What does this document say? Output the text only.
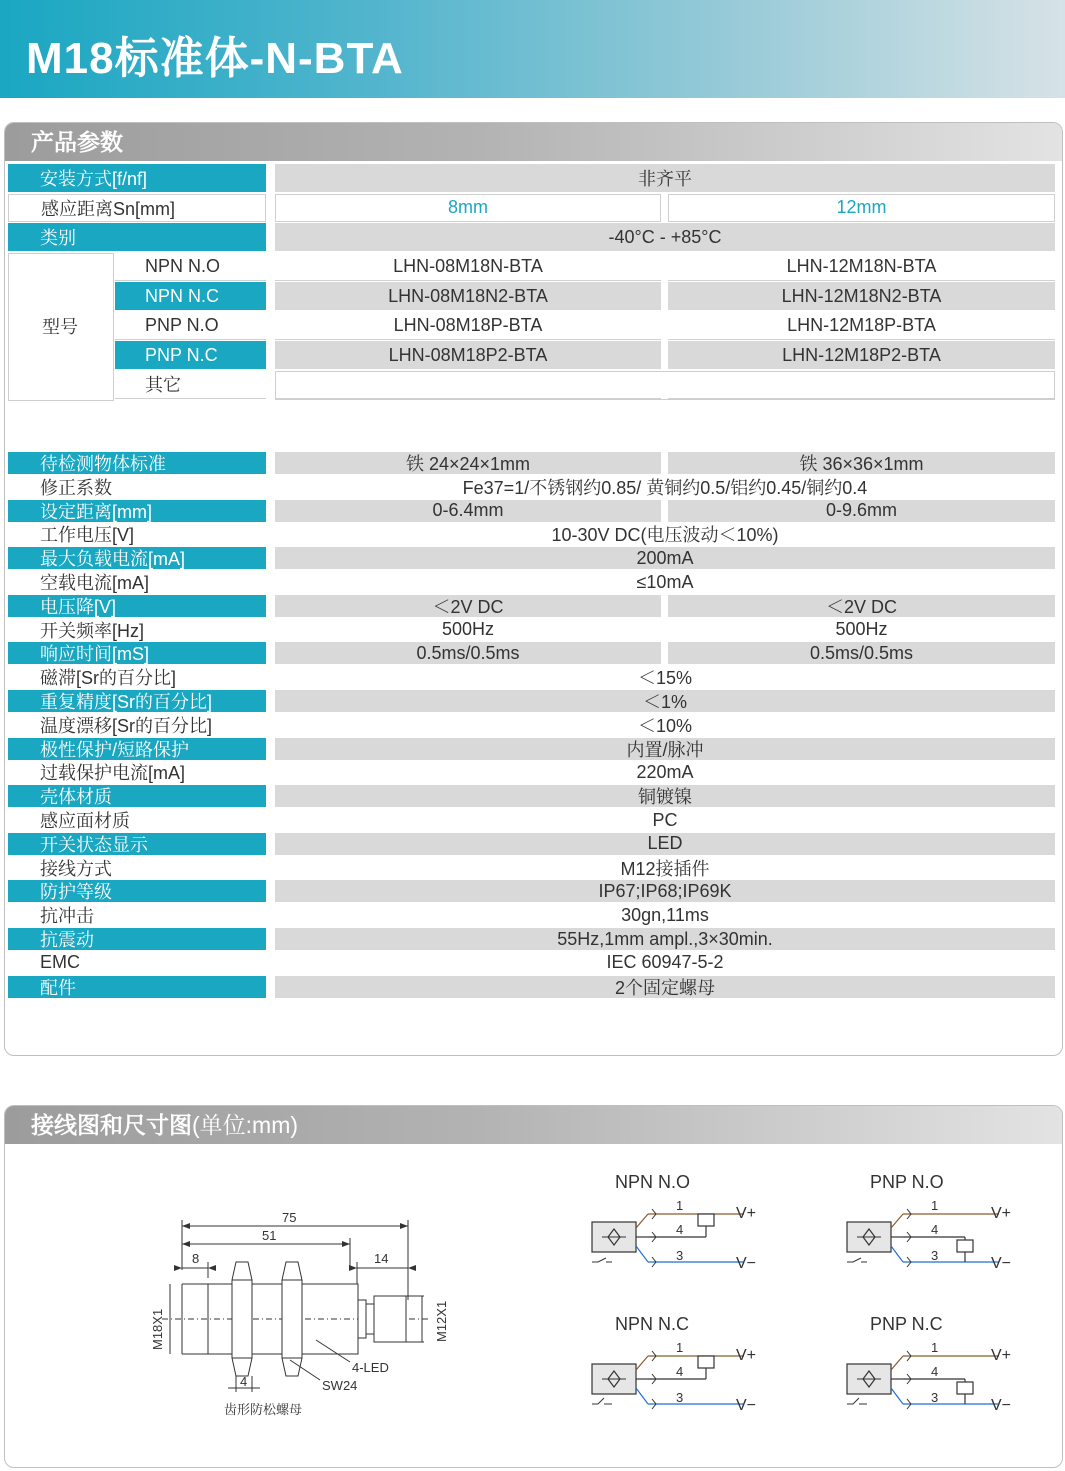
M18标准体-N-BTA
产品参数
安装方式[f/nf]	非齐平
感应距离Sn[mm]	8mm	12mm
类别	-40°C - +85°C
型号
NPN N.O	LHN-08M18N-BTA	LHN-12M18N-BTA
NPN N.C	LHN-08M18N2-BTA	LHN-12M18N2-BTA
PNP N.O	LHN-08M18P-BTA	LHN-12M18P-BTA
PNP N.C	LHN-08M18P2-BTA	LHN-12M18P2-BTA
其它
待检测物体标准	铁 24×24×1mm	铁 36×36×1mm
修正系数	Fe37=1/不锈钢约0.85/ 黄铜约0.5/铝约0.45/铜约0.4
设定距离[mm]	0-6.4mm	0-9.6mm
工作电压[V]	10-30V DC(电压波动＜10%)
最大负载电流[mA]	200mA
空载电流[mA]	≤10mA
电压降[V]	＜2V DC	＜2V DC
开关频率[Hz]	500Hz	500Hz
响应时间[mS]	0.5ms/0.5ms	0.5ms/0.5ms
磁滞[Sr的百分比]	＜15%
重复精度[Sr的百分比]	＜1%
温度漂移[Sr的百分比]	＜10%
极性保护/短路保护	内置/脉冲
过载保护电流[mA]	220mA
壳体材质	铜镀镍
感应面材质	PC
开关状态显示	LED
接线方式	M12接插件
防护等级	IP67;IP68;IP69K
抗冲击	30gn,11ms
抗震动	55Hz,1mm ampl.,3×30min.
EMC	IEC 60947-5-2
配件	2个固定螺母
接线图和尺寸图(单位:mm)
75
51
8	14
M18X1	M12X1
4
4-LED
SW24
齿形防松螺母
NPN N.O
1
4
3
V+
V−
PNP N.O
1
4
3
V+
V−
NPN N.C
1
4
3
V+
V−
PNP N.C
1
4
3
V+
V−
